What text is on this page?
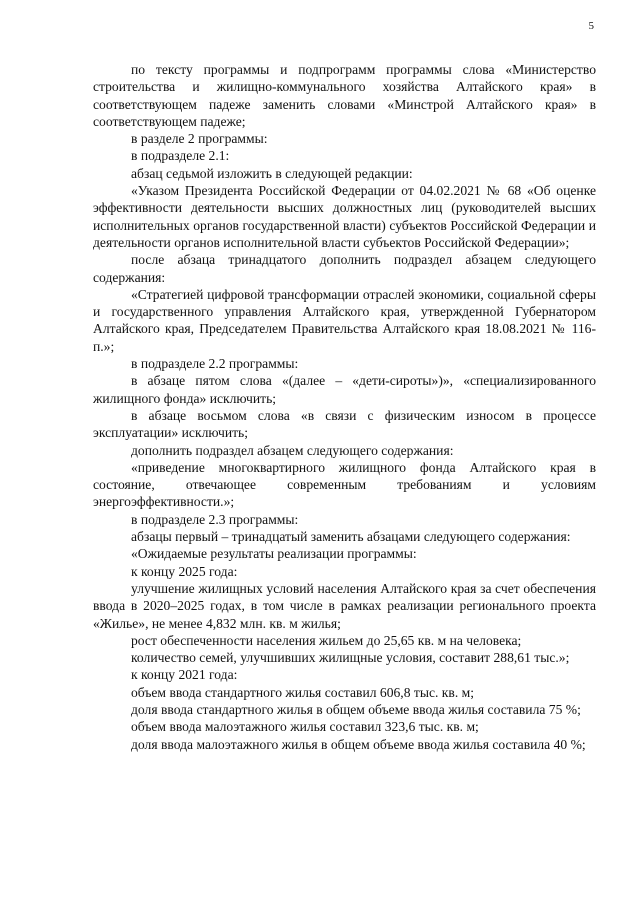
5

по тексту программы и подпрограмм программы слова «Министерство строительства и жилищно-коммунального хозяйства Алтайского края» в соответствующем падеже заменить словами «Минстрой Алтайского края» в соответствующем падеже;

в разделе 2 программы:

в подразделе 2.1:

абзац седьмой изложить в следующей редакции:

«Указом Президента Российской Федерации от 04.02.2021 № 68 «Об оценке эффективности деятельности высших должностных лиц (руководителей высших исполнительных органов государственной власти) субъектов Российской Федерации и деятельности органов исполнительной власти субъектов Российской Федерации»;

после абзаца тринадцатого дополнить подраздел абзацем следующего содержания:

«Стратегией цифровой трансформации отраслей экономики, социальной сферы и государственного управления Алтайского края, утвержденной Губернатором Алтайского края, Председателем Правительства Алтайского края 18.08.2021 № 116-п.»;

в подразделе 2.2 программы:

в абзаце пятом слова «(далее – «дети-сироты»)», «специализированного жилищного фонда» исключить;

в абзаце восьмом слова «в связи с физическим износом в процессе эксплуатации» исключить;

дополнить подраздел абзацем следующего содержания:

«приведение многоквартирного жилищного фонда Алтайского края в состояние, отвечающее современным требованиям и условиям энергоэффективности.»;

в подразделе 2.3 программы:

абзацы первый – тринадцатый заменить абзацами следующего содержания:

«Ожидаемые результаты реализации программы:

к концу 2025 года:

улучшение жилищных условий населения Алтайского края за счет обеспечения ввода в 2020–2025 годах, в том числе в рамках реализации регионального проекта «Жилье», не менее 4,832 млн. кв. м жилья;

рост обеспеченности населения жильем до 25,65 кв. м на человека;

количество семей, улучшивших жилищные условия, составит 288,61 тыс.»;

к концу 2021 года:

объем ввода стандартного жилья составил 606,8 тыс. кв. м;

доля ввода стандартного жилья в общем объеме ввода жилья составила 75 %;

объем ввода малоэтажного жилья составил 323,6 тыс. кв. м;

доля ввода малоэтажного жилья в общем объеме ввода жилья составила 40 %;
